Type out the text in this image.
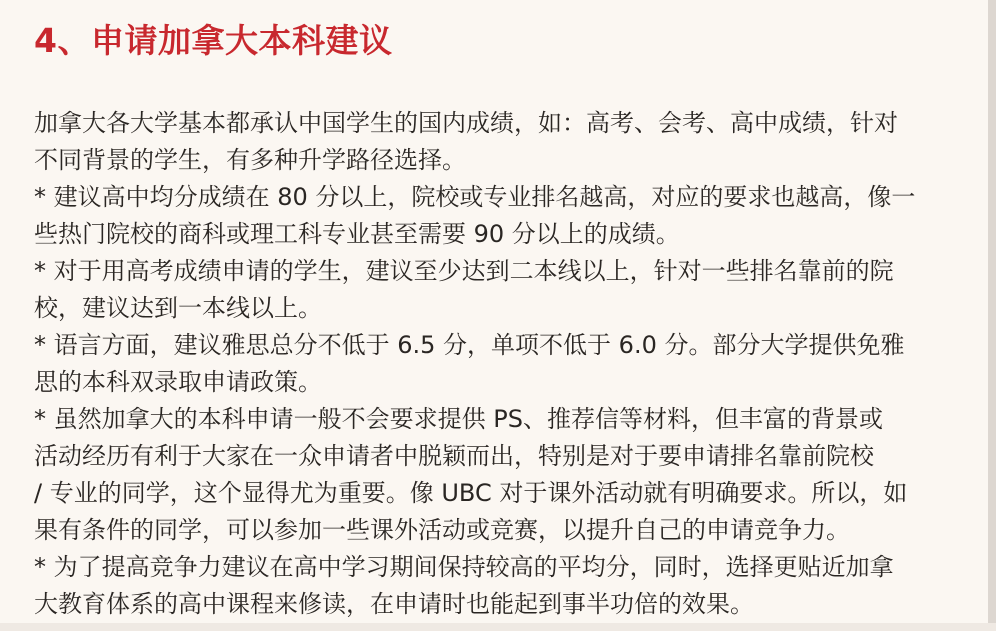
4、申请加拿大本科建议
加拿大各大学基本都承认中国学生的国内成绩，如：高考、会考、高中成绩，针对
不同背景的学生，有多种升学路径选择。
* 建议高中均分成绩在 80 分以上，院校或专业排名越高，对应的要求也越高，像一
些热门院校的商科或理工科专业甚至需要 90 分以上的成绩。
* 对于用高考成绩申请的学生，建议至少达到二本线以上，针对一些排名靠前的院
校，建议达到一本线以上。
* 语言方面，建议雅思总分不低于 6.5 分，单项不低于 6.0 分。部分大学提供免雅
思的本科双录取申请政策。
* 虽然加拿大的本科申请一般不会要求提供 PS、推荐信等材料，但丰富的背景或
活动经历有利于大家在一众申请者中脱颖而出，特别是对于要申请排名靠前院校
/ 专业的同学，这个显得尤为重要。像 UBC 对于课外活动就有明确要求。所以，如
果有条件的同学，可以参加一些课外活动或竞赛，以提升自己的申请竞争力。
* 为了提高竞争力建议在高中学习期间保持较高的平均分，同时，选择更贴近加拿
大教育体系的高中课程来修读，在申请时也能起到事半功倍的效果。
